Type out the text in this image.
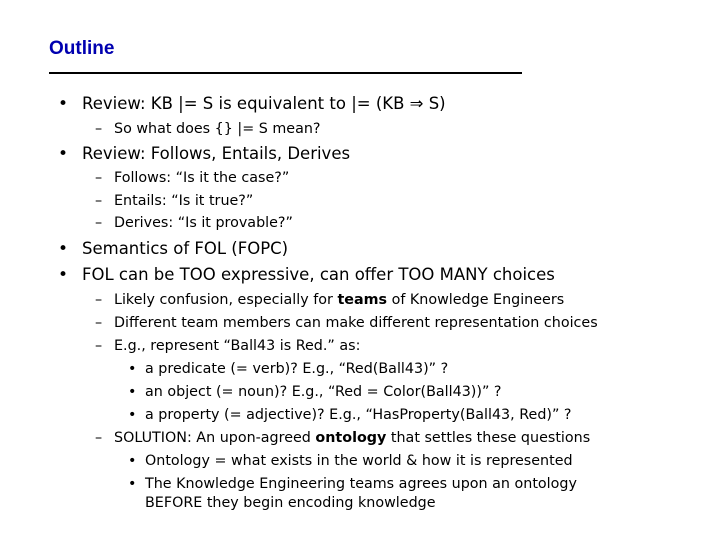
Outline
• Review: KB |= S is equivalent to |= (KB ⇒ S)
– So what does {} |= S mean?
• Review: Follows, Entails, Derives
– Follows: “Is it the case?”
– Entails: “Is it true?”
– Derives: “Is it provable?”
• Semantics of FOL (FOPC)
• FOL can be TOO expressive, can offer TOO MANY choices
– Likely confusion, especially for teams of Knowledge Engineers
– Different team members can make different representation choices
– E.g., represent “Ball43 is Red.” as:
• a predicate (= verb)? E.g., “Red(Ball43)” ?
• an object (= noun)? E.g., “Red = Color(Ball43))” ?
• a property (= adjective)? E.g., “HasProperty(Ball43, Red)” ?
– SOLUTION: An upon-agreed ontology that settles these questions
• Ontology = what exists in the world & how it is represented
• The Knowledge Engineering teams agrees upon an ontology
BEFORE they begin encoding knowledge
